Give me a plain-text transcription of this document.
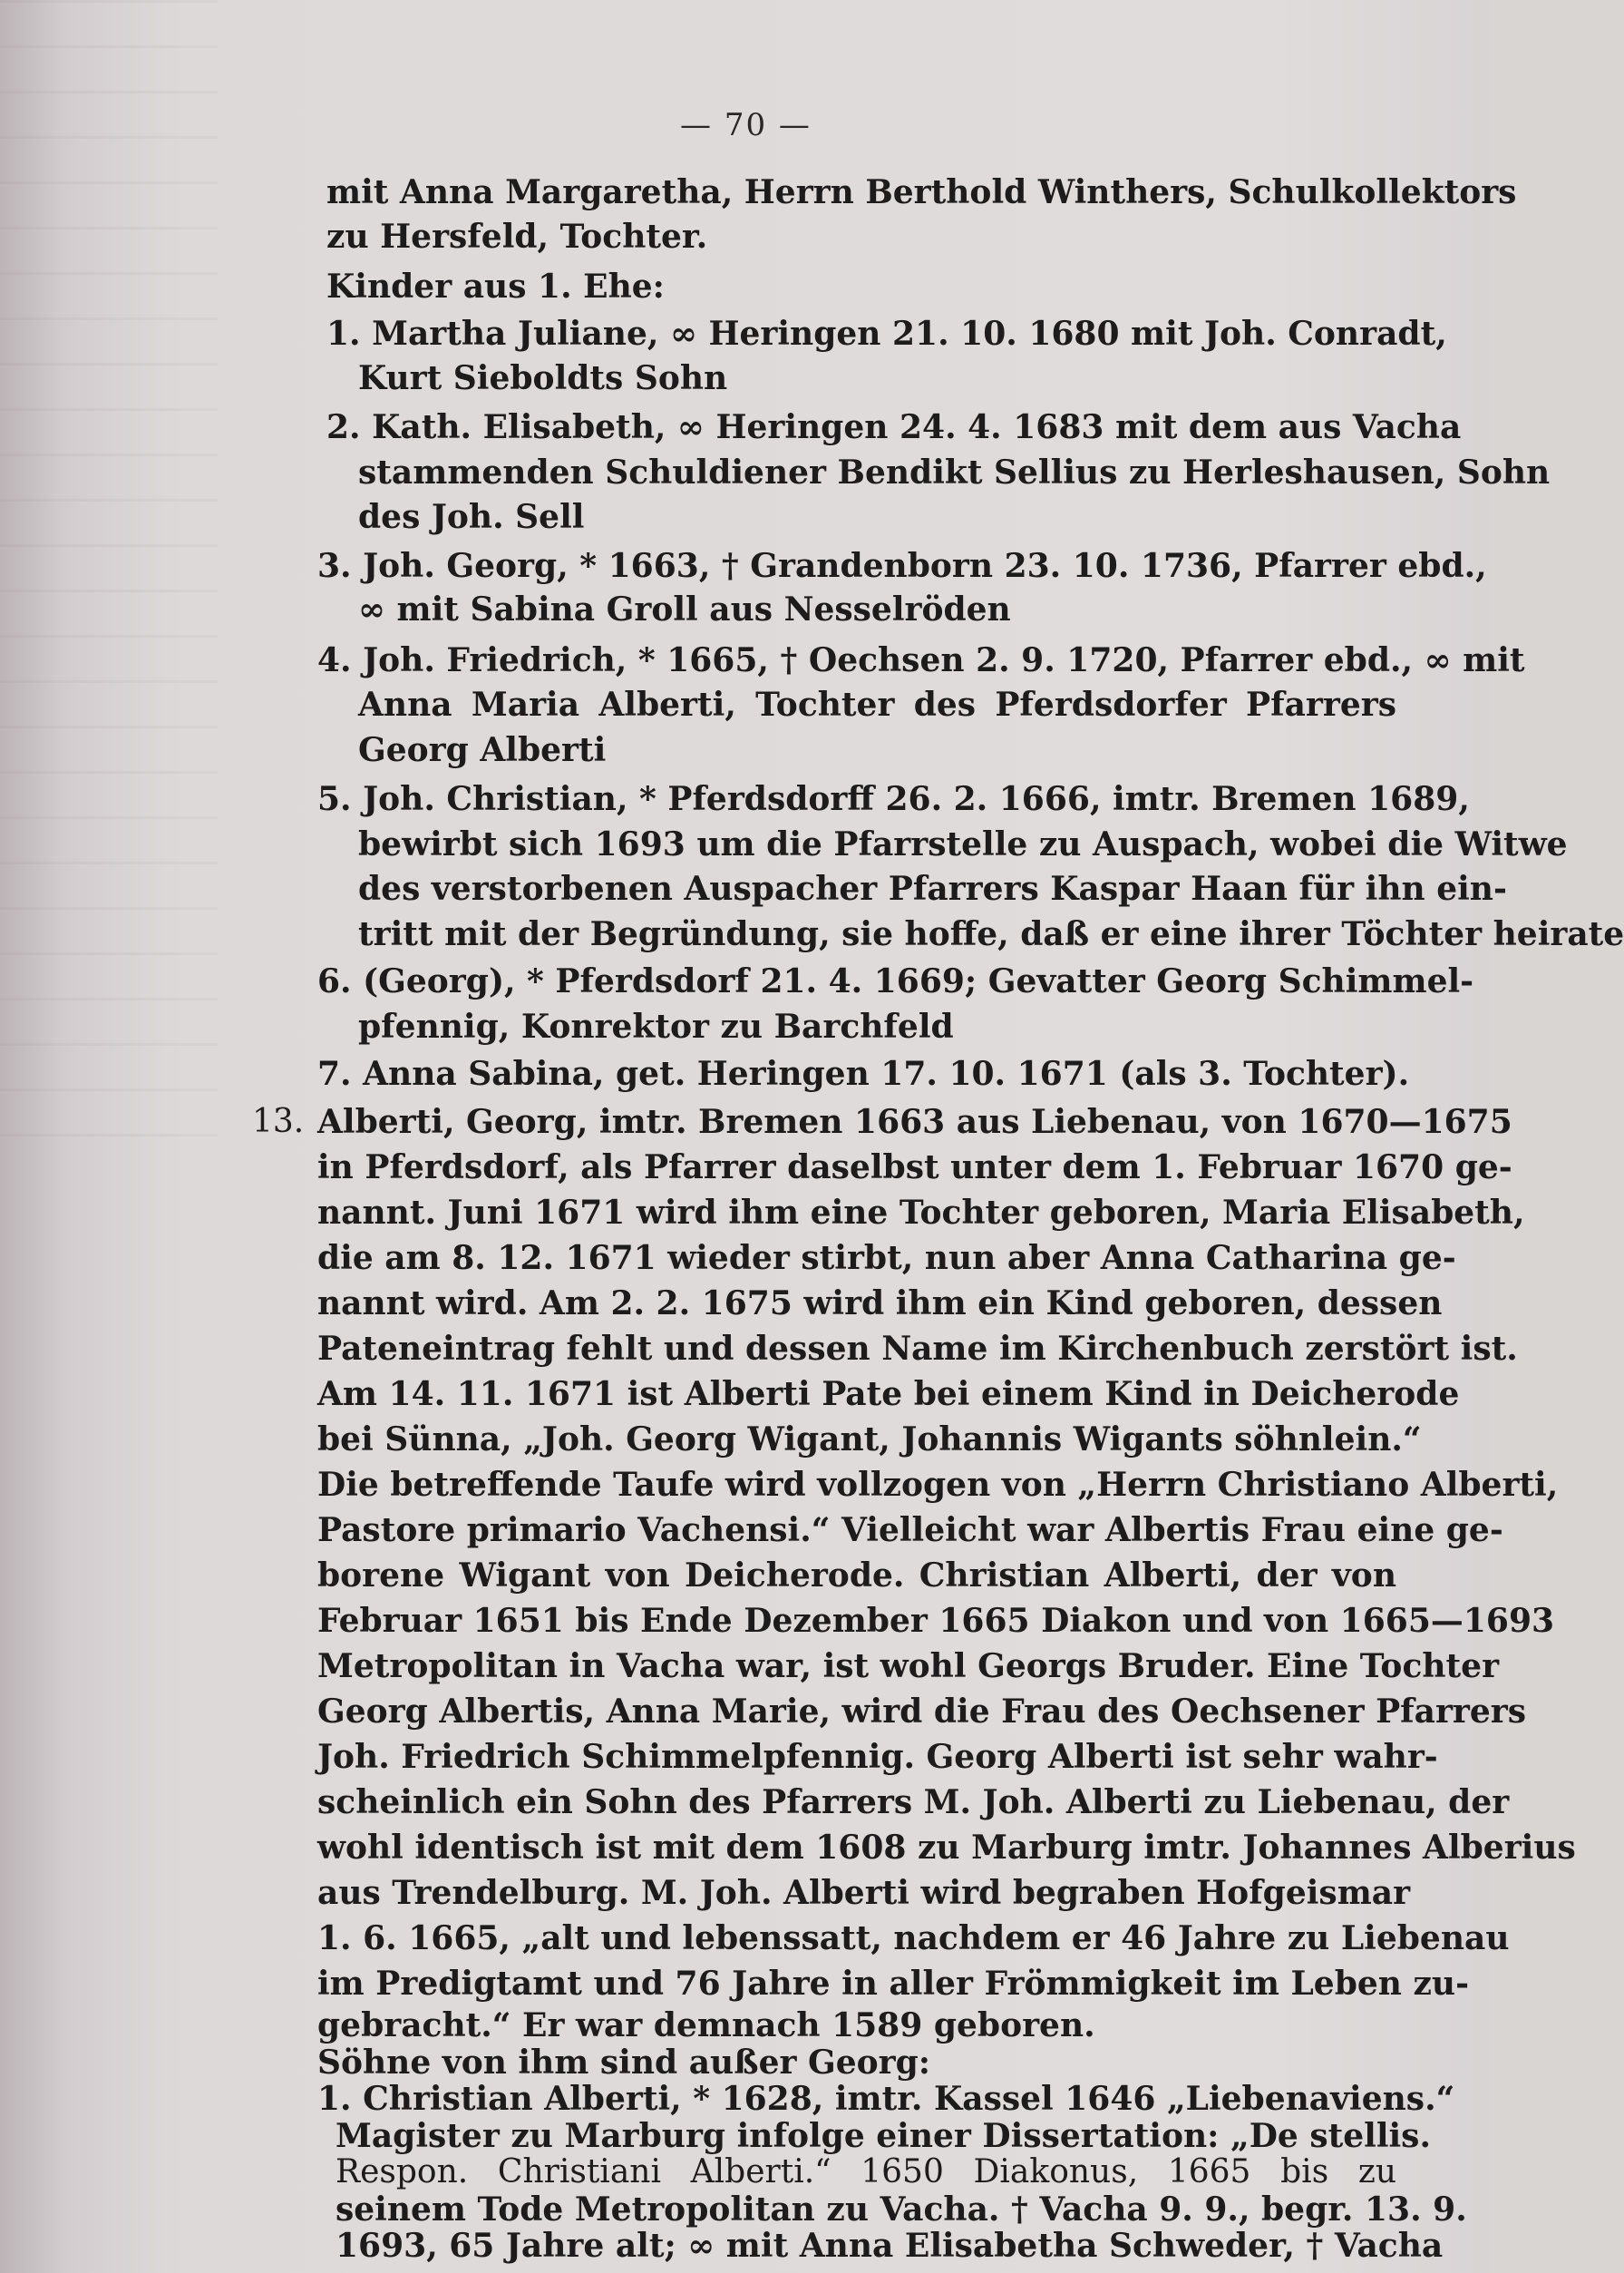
— 70 —
mit Anna Margaretha, Herrn Berthold Winthers, Schulkollektors
zu Hersfeld, Tochter.
Kinder aus 1. Ehe:
1. Martha Juliane, ∞ Heringen 21. 10. 1680 mit Joh. Conradt,
Kurt Sieboldts Sohn
2. Kath. Elisabeth, ∞ Heringen 24. 4. 1683 mit dem aus Vacha
stammenden Schuldiener Bendikt Sellius zu Herleshausen, Sohn
des Joh. Sell
3. Joh. Georg, * 1663, † Grandenborn 23. 10. 1736, Pfarrer ebd.,
∞ mit Sabina Groll aus Nesselröden
4. Joh. Friedrich, * 1665, † Oechsen 2. 9. 1720, Pfarrer ebd., ∞ mit
Anna Maria Alberti, Tochter des Pferdsdorfer Pfarrers
Georg Alberti
5. Joh. Christian, * Pferdsdorff 26. 2. 1666, imtr. Bremen 1689,
bewirbt sich 1693 um die Pfarrstelle zu Auspach, wobei die Witwe
des verstorbenen Auspacher Pfarrers Kaspar Haan für ihn ein-
tritt mit der Begründung, sie hoffe, daß er eine ihrer Töchter heirate
6. (Georg), * Pferdsdorf 21. 4. 1669; Gevatter Georg Schimmel-
pfennig, Konrektor zu Barchfeld
7. Anna Sabina, get. Heringen 17. 10. 1671 (als 3. Tochter).
13. Alberti, Georg, imtr. Bremen 1663 aus Liebenau, von 1670—1675
in Pferdsdorf, als Pfarrer daselbst unter dem 1. Februar 1670 ge-
nannt. Juni 1671 wird ihm eine Tochter geboren, Maria Elisabeth,
die am 8. 12. 1671 wieder stirbt, nun aber Anna Catharina ge-
nannt wird. Am 2. 2. 1675 wird ihm ein Kind geboren, dessen
Pateneintrag fehlt und dessen Name im Kirchenbuch zerstört ist.
Am 14. 11. 1671 ist Alberti Pate bei einem Kind in Deicherode
bei Sünna, „Joh. Georg Wigant, Johannis Wigants söhnlein.“
Die betreffende Taufe wird vollzogen von „Herrn Christiano Alberti,
Pastore primario Vachensi.“ Vielleicht war Albertis Frau eine ge-
borene Wigant von Deicherode. Christian Alberti, der von
Februar 1651 bis Ende Dezember 1665 Diakon und von 1665—1693
Metropolitan in Vacha war, ist wohl Georgs Bruder. Eine Tochter
Georg Albertis, Anna Marie, wird die Frau des Oechsener Pfarrers
Joh. Friedrich Schimmelpfennig. Georg Alberti ist sehr wahr-
scheinlich ein Sohn des Pfarrers M. Joh. Alberti zu Liebenau, der
wohl identisch ist mit dem 1608 zu Marburg imtr. Johannes Alberius
aus Trendelburg. M. Joh. Alberti wird begraben Hofgeismar
1. 6. 1665, „alt und lebenssatt, nachdem er 46 Jahre zu Liebenau
im Predigtamt und 76 Jahre in aller Frömmigkeit im Leben zu-
gebracht.“ Er war demnach 1589 geboren.
Söhne von ihm sind außer Georg:
1. Christian Alberti, * 1628, imtr. Kassel 1646 „Liebenaviens.“
Magister zu Marburg infolge einer Dissertation: „De stellis.
Respon. Christiani Alberti.“ 1650 Diakonus, 1665 bis zu
seinem Tode Metropolitan zu Vacha. † Vacha 9. 9., begr. 13. 9.
1693, 65 Jahre alt; ∞ mit Anna Elisabetha Schweder, † Vacha
